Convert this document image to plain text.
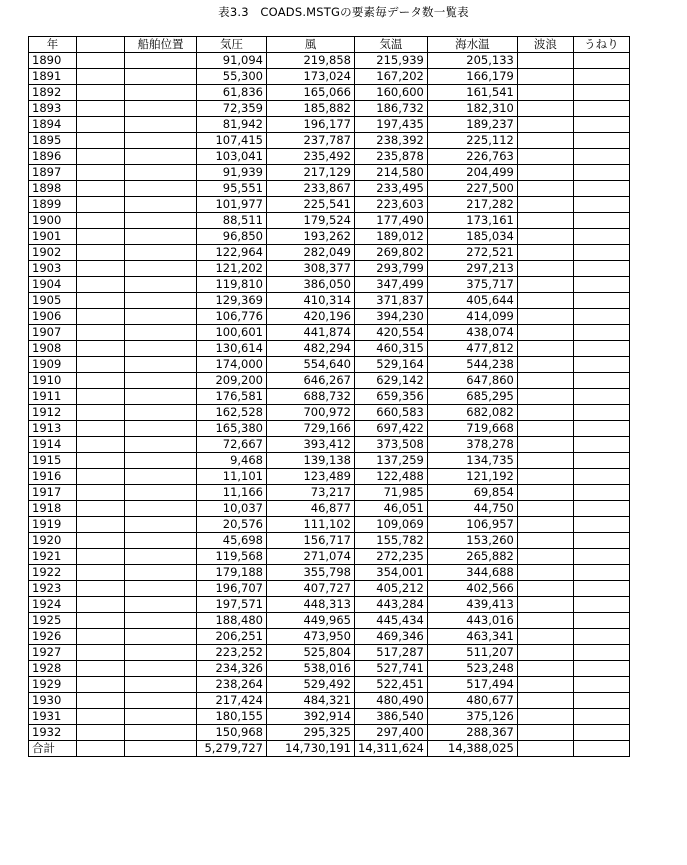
表3.3　COADS.MSTGの要素毎データ数一覧表
年		船舶位置	気圧	風	気温	海水温	波浪	うねり
1890			91,094	219,858	215,939	205,133		
1891			55,300	173,024	167,202	166,179		
1892			61,836	165,066	160,600	161,541		
1893			72,359	185,882	186,732	182,310		
1894			81,942	196,177	197,435	189,237		
1895			107,415	237,787	238,392	225,112		
1896			103,041	235,492	235,878	226,763		
1897			91,939	217,129	214,580	204,499		
1898			95,551	233,867	233,495	227,500		
1899			101,977	225,541	223,603	217,282		
1900			88,511	179,524	177,490	173,161		
1901			96,850	193,262	189,012	185,034		
1902			122,964	282,049	269,802	272,521		
1903			121,202	308,377	293,799	297,213		
1904			119,810	386,050	347,499	375,717		
1905			129,369	410,314	371,837	405,644		
1906			106,776	420,196	394,230	414,099		
1907			100,601	441,874	420,554	438,074		
1908			130,614	482,294	460,315	477,812		
1909			174,000	554,640	529,164	544,238		
1910			209,200	646,267	629,142	647,860		
1911			176,581	688,732	659,356	685,295		
1912			162,528	700,972	660,583	682,082		
1913			165,380	729,166	697,422	719,668		
1914			72,667	393,412	373,508	378,278		
1915			9,468	139,138	137,259	134,735		
1916			11,101	123,489	122,488	121,192		
1917			11,166	73,217	71,985	69,854		
1918			10,037	46,877	46,051	44,750		
1919			20,576	111,102	109,069	106,957		
1920			45,698	156,717	155,782	153,260		
1921			119,568	271,074	272,235	265,882		
1922			179,188	355,798	354,001	344,688		
1923			196,707	407,727	405,212	402,566		
1924			197,571	448,313	443,284	439,413		
1925			188,480	449,965	445,434	443,016		
1926			206,251	473,950	469,346	463,341		
1927			223,252	525,804	517,287	511,207		
1928			234,326	538,016	527,741	523,248		
1929			238,264	529,492	522,451	517,494		
1930			217,424	484,321	480,490	480,677		
1931			180,155	392,914	386,540	375,126		
1932			150,968	295,325	297,400	288,367		
合計			5,279,727	14,730,191	14,311,624	14,388,025		
